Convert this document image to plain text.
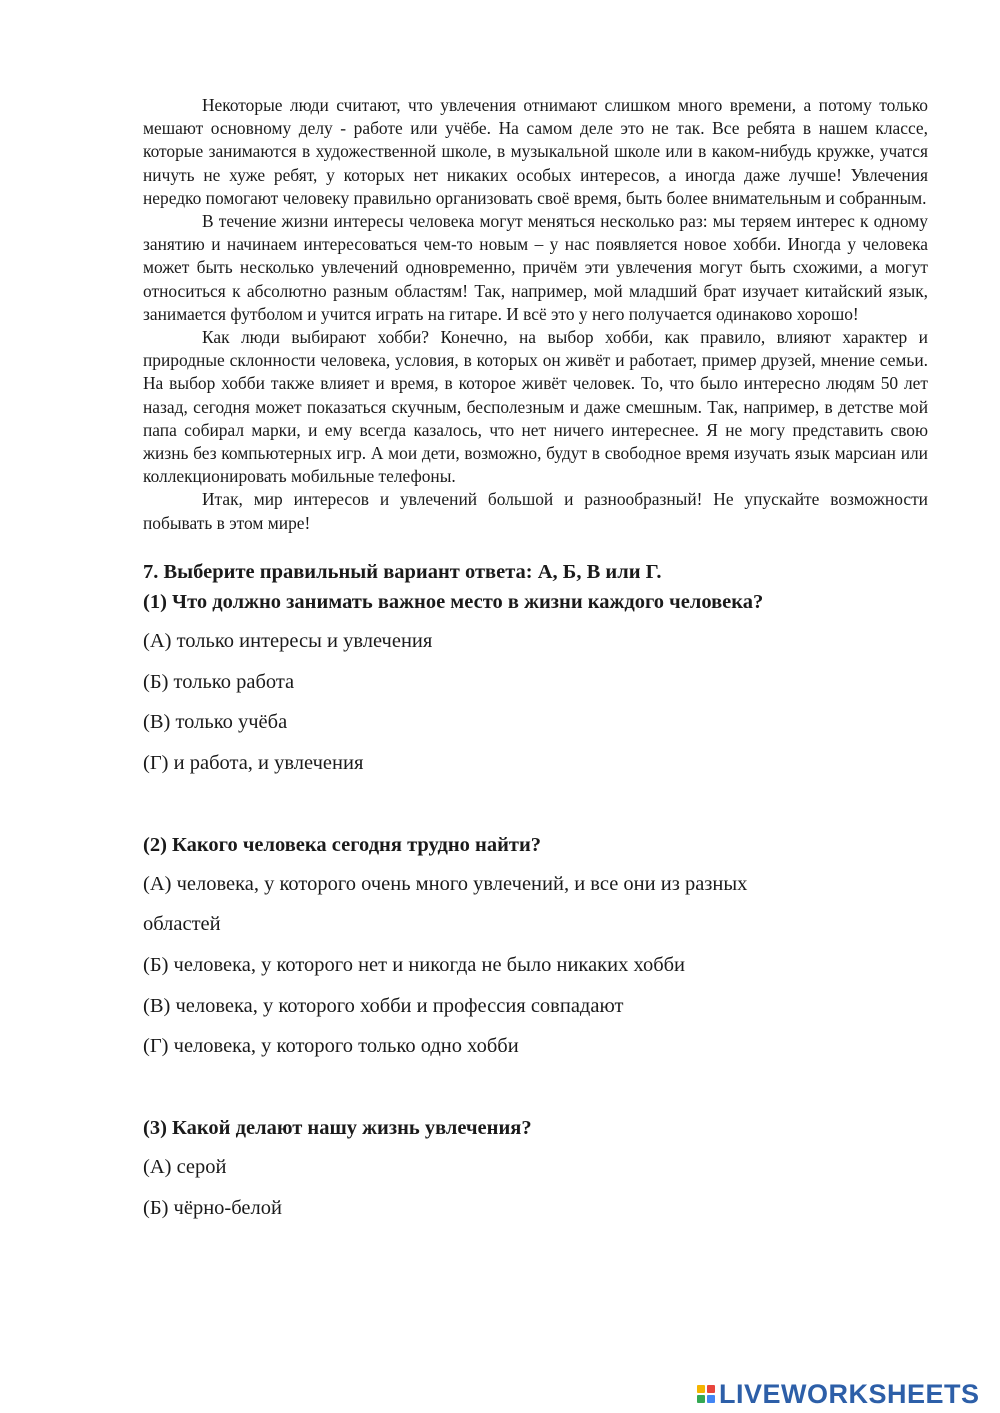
Некоторые люди считают, что увлечения отнимают слишком много времени, а потому только мешают основному делу - работе или учёбе. На самом деле это не так. Все ребята в нашем классе, которые занимаются в художественной школе, в музыкальной школе или в каком-нибудь кружке, учатся ничуть не хуже ребят, у которых нет никаких особых интересов, а иногда даже лучше! Увлечения нередко помогают человеку правильно организовать своё время, быть более внимательным и собранным.

В течение жизни интересы человека могут меняться несколько раз: мы теряем интерес к одному занятию и начинаем интересоваться чем-то новым – у нас появляется новое хобби. Иногда у человека может быть несколько увлечений одновременно, причём эти увлечения могут быть схожими, а могут относиться к абсолютно разным областям! Так, например, мой младший брат изучает китайский язык, занимается футболом и учится играть на гитаре. И всё это у него получается одинаково хорошо!

Как люди выбирают хобби? Конечно, на выбор хобби, как правило, влияют характер и природные склонности человека, условия, в которых он живёт и работает, пример друзей, мнение семьи. На выбор хобби также влияет и время, в которое живёт человек. То, что было интересно людям 50 лет назад, сегодня может показаться скучным, бесполезным и даже смешным. Так, например, в детстве мой папа собирал марки, и ему всегда казалось, что нет ничего интереснее. Я не могу представить свою жизнь без компьютерных игр. А мои дети, возможно, будут в свободное время изучать язык марсиан или коллекционировать мобильные телефоны.

Итак, мир интересов и увлечений большой и разнообразный! Не упускайте возможности побывать в этом мире!

7. Выберите правильный вариант ответа: А, Б, В или Г.

(1) Что должно занимать важное место в жизни каждого человека?

(А) только интересы и увлечения

(Б) только работа

(В) только учёба

(Г) и работа, и увлечения

(2) Какого человека сегодня трудно найти?

(А) человека, у которого очень много увлечений, и все они из разных

областей

(Б) человека, у которого нет и никогда не было никаких хобби

(В) человека, у которого хобби и профессия совпадают

(Г) человека, у которого только одно хобби

(3) Какой делают нашу жизнь увлечения?

(А) серой

(Б) чёрно-белой

LIVEWORKSHEETS
